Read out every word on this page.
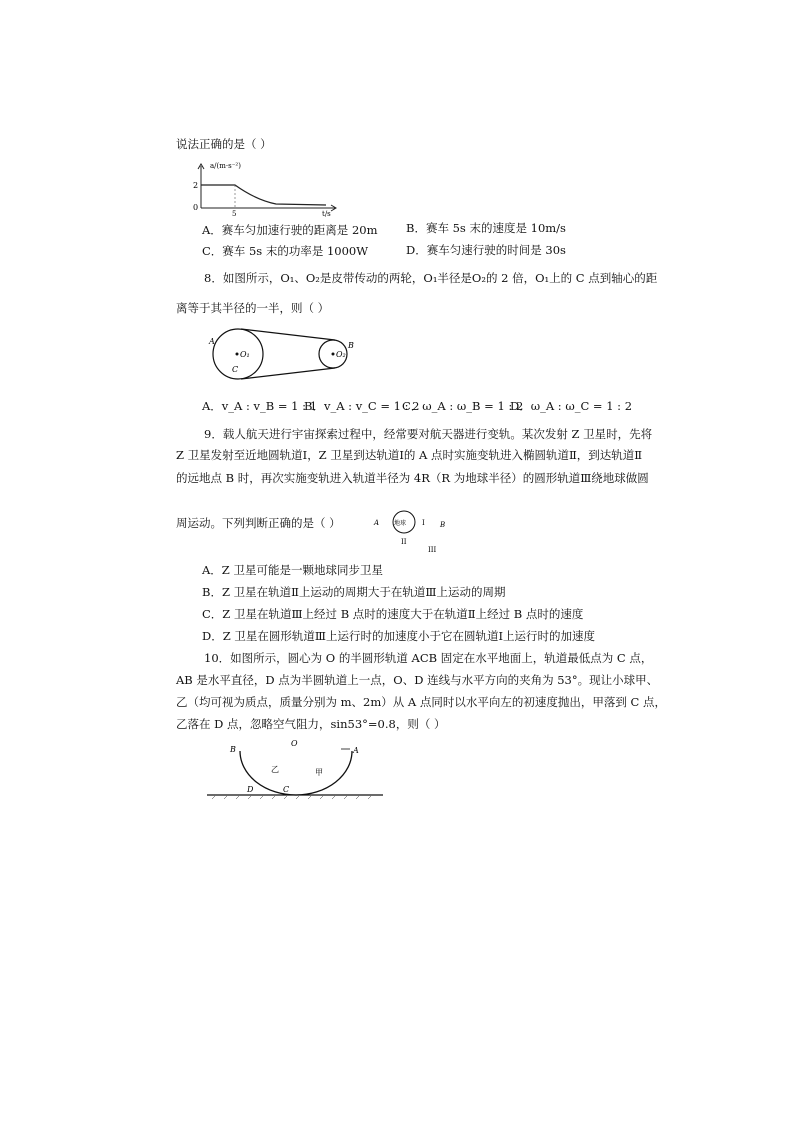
说法正确的是（ ）
a/(m·s⁻²)
2
0
5	t/s
A．赛车匀加速行驶的距离是 20m B．赛车 5s 末的速度是 10m/s
C．赛车 5s 末的功率是 1000W	D．赛车匀速行驶的时间是 30s
8．如图所示，O₁、O₂是皮带传动的两轮，O₁半径是O₂的 2 倍，O₁上的 C 点到轴心的距
离等于其半径的一半，则（ ）
A
O₁
C
O₂
B
A．v_A : v_B = 1 : 1
B．v_A : v_C = 1 : 2
C．ω_A : ω_B = 1 : 2
D．ω_A : ω_C = 1 : 2
9．载人航天进行宇宙探索过程中，经常要对航天器进行变轨。某次发射 Z 卫星时，先将
Z 卫星发射至近地圆轨道Ⅰ，Z 卫星到达轨道Ⅰ的 A 点时实施变轨进入椭圆轨道Ⅱ，到达轨道Ⅱ
的远地点 B 时，再次实施变轨进入轨道半径为 4R（R 为地球半径）的圆形轨道Ⅲ绕地球做圆
周运动。下列判断正确的是（ ）	A 地球 I B
II
III
A．Z 卫星可能是一颗地球同步卫星
B．Z 卫星在轨道Ⅱ上运动的周期大于在轨道Ⅲ上运动的周期
C．Z 卫星在轨道Ⅲ上经过 B 点时的速度大于在轨道Ⅱ上经过 B 点时的速度
D．Z 卫星在圆形轨道Ⅲ上运行时的加速度小于它在圆轨道Ⅰ上运行时的加速度
10．如图所示，圆心为 O 的半圆形轨道 ACB 固定在水平地面上，轨道最低点为 C 点，
AB 是水平直径，D 点为半圆轨道上一点，O、D 连线与水平方向的夹角为 53°。现让小球甲、
乙（均可视为质点，质量分别为 m、2m）从 A 点同时以水平向左的初速度抛出，甲落到 C 点，
乙落在 D 点，忽略空气阻力，sin53°=0.8，则（ ）
B
O
A
乙	甲
D	C
